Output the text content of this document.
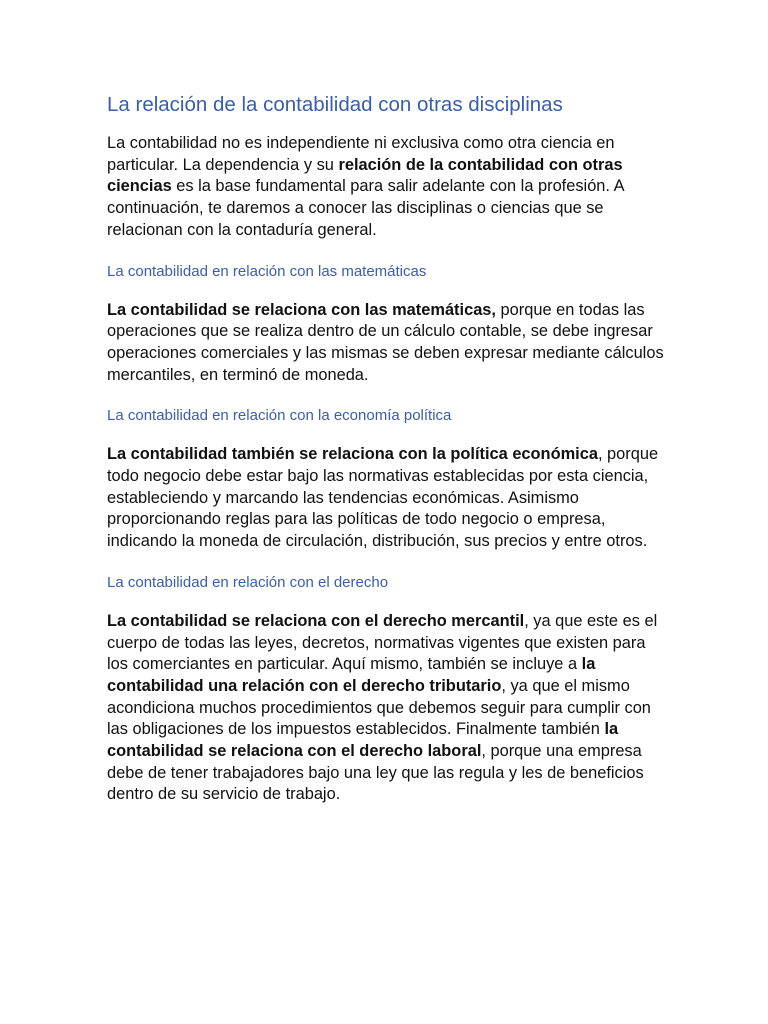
La relación de la contabilidad con otras disciplinas

La contabilidad no es independiente ni exclusiva como otra ciencia en particular. La dependencia y su relación de la contabilidad con otras ciencias es la base fundamental para salir adelante con la profesión. A continuación, te daremos a conocer las disciplinas o ciencias que se relacionan con la contaduría general.

La contabilidad en relación con las matemáticas

La contabilidad se relaciona con las matemáticas, porque en todas las operaciones que se realiza dentro de un cálculo contable, se debe ingresar operaciones comerciales y las mismas se deben expresar mediante cálculos mercantiles, en terminó de moneda.

La contabilidad en relación con la economía política

La contabilidad también se relaciona con la política económica, porque todo negocio debe estar bajo las normativas establecidas por esta ciencia, estableciendo y marcando las tendencias económicas. Asimismo proporcionando reglas para las políticas de todo negocio o empresa, indicando la moneda de circulación, distribución, sus precios y entre otros.

La contabilidad en relación con el derecho

La contabilidad se relaciona con el derecho mercantil, ya que este es el cuerpo de todas las leyes, decretos, normativas vigentes que existen para los comerciantes en particular. Aquí mismo, también se incluye a la contabilidad una relación con el derecho tributario, ya que el mismo acondiciona muchos procedimientos que debemos seguir para cumplir con las obligaciones de los impuestos establecidos. Finalmente también la contabilidad se relaciona con el derecho laboral, porque una empresa debe de tener trabajadores bajo una ley que las regula y les de beneficios dentro de su servicio de trabajo.
